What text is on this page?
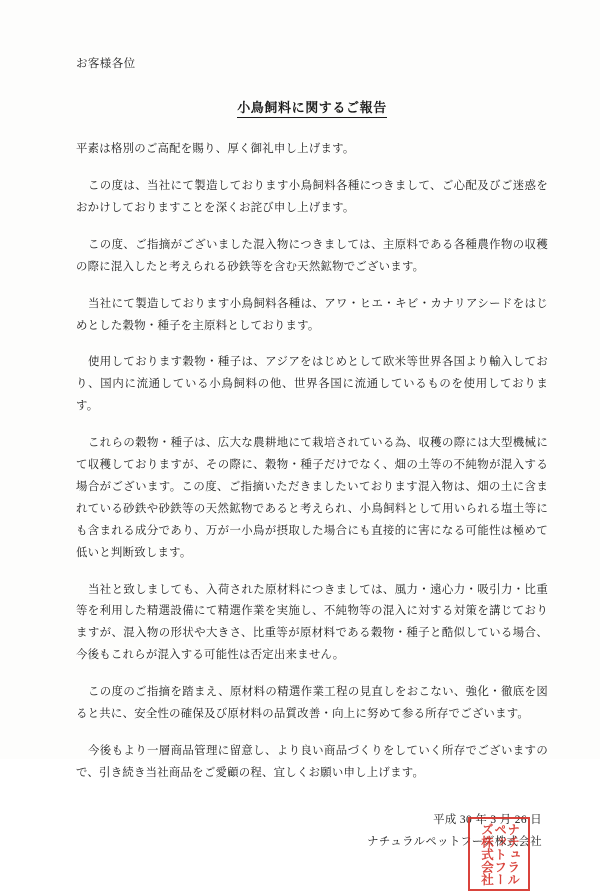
お客様各位

小鳥飼料に関するご報告

平素は格別のご高配を賜り、厚く御礼申し上げます。

この度は、当社にて製造しております小鳥飼料各種につきまして、ご心配及びご迷惑をおかけしておりますことを深くお詫び申し上げます。

この度、ご指摘がございました混入物につきましては、主原料である各種農作物の収穫の際に混入したと考えられる砂鉄等を含む天然鉱物でございます。

当社にて製造しております小鳥飼料各種は、アワ・ヒエ・キビ・カナリアシードをはじめとした穀物・種子を主原料としております。

使用しております穀物・種子は、アジアをはじめとして欧米等世界各国より輸入しており、国内に流通している小鳥飼料の他、世界各国に流通しているものを使用しております。

これらの穀物・種子は、広大な農耕地にて栽培されている為、収穫の際には大型機械にて収穫しておりますが、その際に、穀物・種子だけでなく、畑の土等の不純物が混入する場合がございます。この度、ご指摘いただきましたいております混入物は、畑の土に含まれている砂鉄や砂鉄等の天然鉱物であると考えられ、小鳥飼料として用いられる塩土等にも含まれる成分であり、万が一小鳥が摂取した場合にも直接的に害になる可能性は極めて低いと判断致します。

当社と致しましても、入荷された原材料につきましては、風力・遠心力・吸引力・比重等を利用した精選設備にて精選作業を実施し、不純物等の混入に対する対策を講じておりますが、混入物の形状や大きさ、比重等が原材料である穀物・種子と酷似している場合、今後もこれらが混入する可能性は否定出来ません。

この度のご指摘を踏まえ、原材料の精選作業工程の見直しをおこない、強化・徹底を図ると共に、安全性の確保及び原材料の品質改善・向上に努めて参る所存でございます。

今後もより一層商品管理に留意し、より良い商品づくりをしていく所存でございますので、引き続き当社商品をご愛顧の程、宜しくお願い申し上げます。

平成 30 年 3 月 26 日

ナチュラルペットフーズ株式会社

ナチュラルペットフーズ株式会社
